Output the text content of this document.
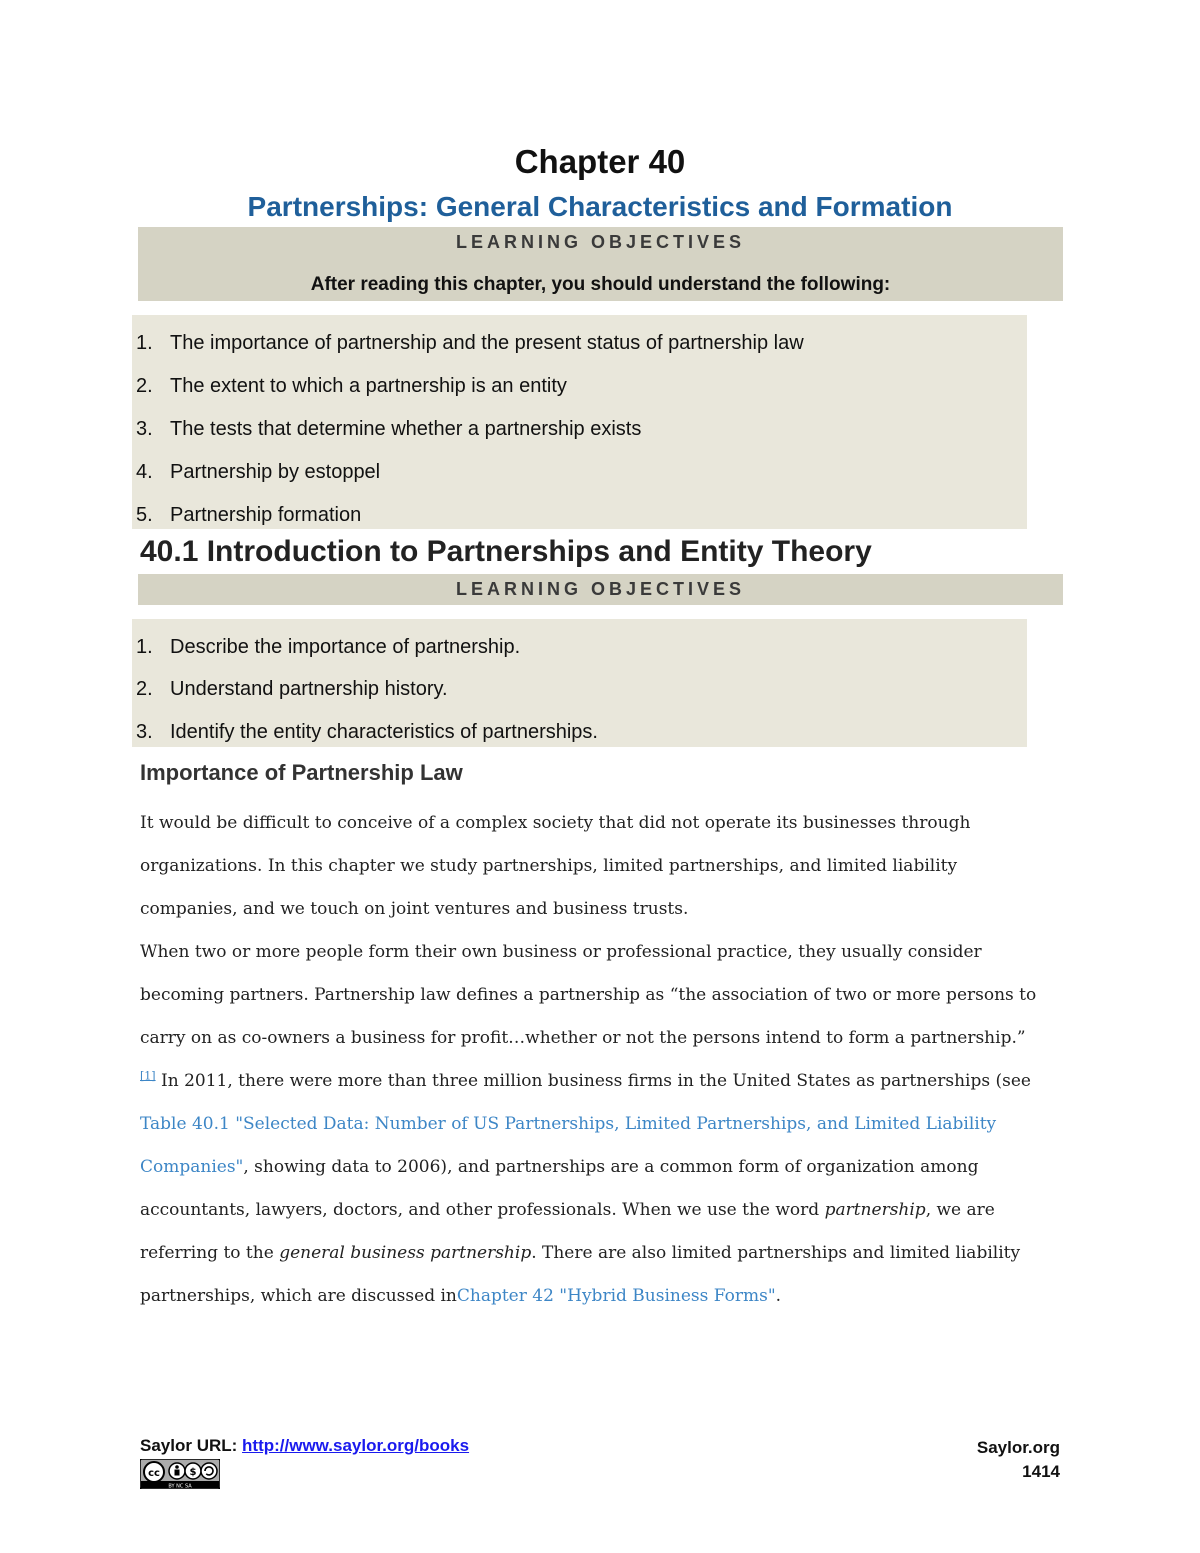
Chapter 40
Partnerships: General Characteristics and Formation
LEARNING OBJECTIVES
After reading this chapter, you should understand the following:
1. The importance of partnership and the present status of partnership law
2. The extent to which a partnership is an entity
3. The tests that determine whether a partnership exists
4. Partnership by estoppel
5. Partnership formation
40.1 Introduction to Partnerships and Entity Theory
LEARNING OBJECTIVES
1. Describe the importance of partnership.
2. Understand partnership history.
3. Identify the entity characteristics of partnerships.
Importance of Partnership Law

It would be difficult to conceive of a complex society that did not operate its businesses through organizations. In this chapter we study partnerships, limited partnerships, and limited liability companies, and we touch on joint ventures and business trusts.

When two or more people form their own business or professional practice, they usually consider becoming partners. Partnership law defines a partnership as “the association of two or more persons to carry on as co-owners a business for profit…whether or not the persons intend to form a partnership.” [1] In 2011, there were more than three million business firms in the United States as partnerships (see Table 40.1 "Selected Data: Number of US Partnerships, Limited Partnerships, and Limited Liability Companies", showing data to 2006), and partnerships are a common form of organization among accountants, lawyers, doctors, and other professionals. When we use the word partnership, we are referring to the general business partnership. There are also limited partnerships and limited liability partnerships, which are discussed inChapter 42 "Hybrid Business Forms".

Saylor URL: http://www.saylor.org/books
cc	$
BY NC SA
Saylor.org
1414
